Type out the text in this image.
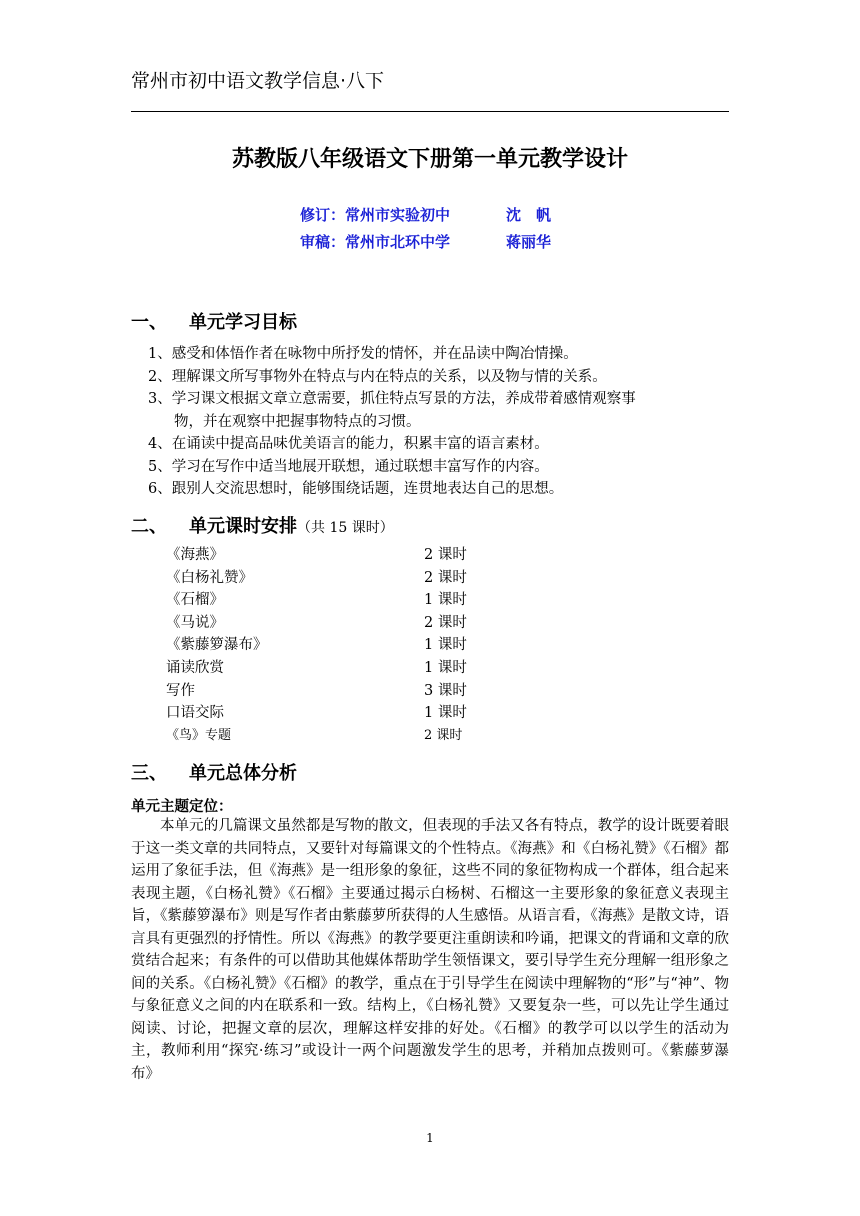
常州市初中语文教学信息·八下
苏教版八年级语文下册第一单元教学设计
修订：常州市实验初中	沈　帆
审稿：常州市北环中学	蒋丽华
一、 单元学习目标

1、感受和体悟作者在咏物中所抒发的情怀，并在品读中陶冶情操。

2、理解课文所写事物外在特点与内在特点的关系，以及物与情的关系。

3、学习课文根据文章立意需要，抓住特点写景的方法，养成带着感情观察事

物，并在观察中把握事物特点的习惯。

4、在诵读中提高品味优美语言的能力，积累丰富的语言素材。

5、学习在写作中适当地展开联想，通过联想丰富写作的内容。

6、跟别人交流思想时，能够围绕话题，连贯地表达自己的思想。

二、 单元课时安排（共 15 课时）
《海燕》	2 课时
《白杨礼赞》	2 课时
《石榴》	1 课时
《马说》	2 课时
《紫藤箩瀑布》	1 课时
诵读欣赏	1 课时
写作	3 课时
口语交际	1 课时
《鸟》专题	2 课时
三、 单元总体分析
单元主题定位：
本单元的几篇课文虽然都是写物的散文，但表现的手法又各有特点，教学的设计既要着眼于这一类文章的共同特点，又要针对每篇课文的个性特点。《海燕》和《白杨礼赞》《石榴》都运用了象征手法，但《海燕》是一组形象的象征，这些不同的象征物构成一个群体，组合起来表现主题，《白杨礼赞》《石榴》主要通过揭示白杨树、石榴这一主要形象的象征意义表现主旨，《紫藤箩瀑布》则是写作者由紫藤萝所获得的人生感悟。从语言看，《海燕》是散文诗，语言具有更强烈的抒情性。所以《海燕》的教学要更注重朗读和吟诵，把课文的背诵和文章的欣赏结合起来；有条件的可以借助其他媒体帮助学生领悟课文，要引导学生充分理解一组形象之间的关系。《白杨礼赞》《石榴》的教学，重点在于引导学生在阅读中理解物的“形”与“神”、物与象征意义之间的内在联系和一致。结构上，《白杨礼赞》又要复杂一些，可以先让学生通过阅读、讨论，把握文章的层次，理解这样安排的好处。《石榴》的教学可以以学生的活动为主，教师利用“探究·练习”或设计一两个问题激发学生的思考，并稍加点拨则可。《紫藤萝瀑布》
1
